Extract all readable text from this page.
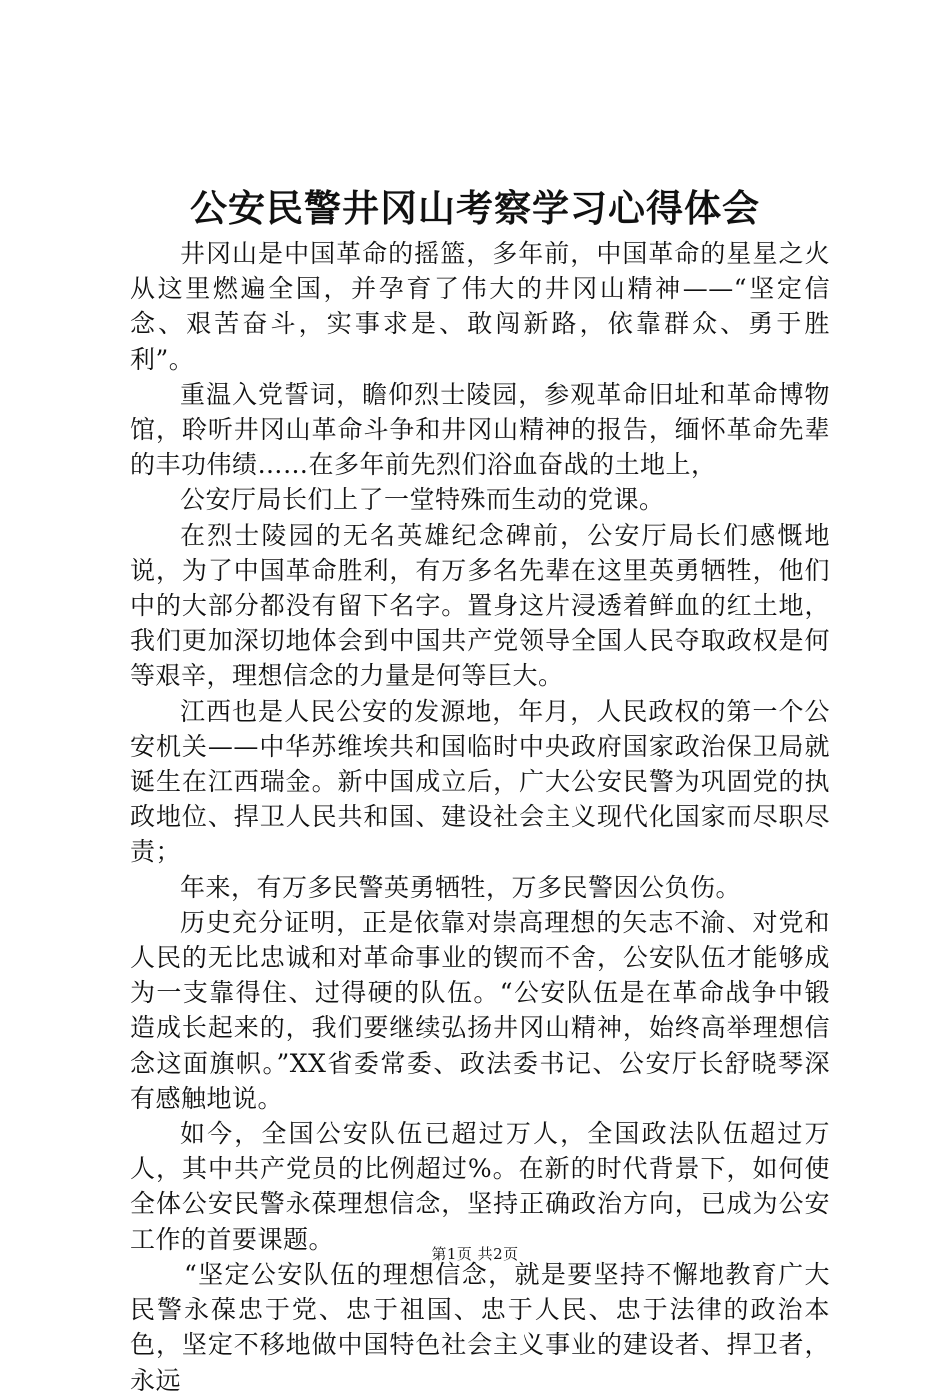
公安民警井冈山考察学习心得体会

井冈山是中国革命的摇篮，多年前，中国革命的星星之火从这里燃遍全国，并孕育了伟大的井冈山精神——“坚定信念、艰苦奋斗，实事求是、敢闯新路，依靠群众、勇于胜利”。

重温入党誓词，瞻仰烈士陵园，参观革命旧址和革命博物馆，聆听井冈山革命斗争和井冈山精神的报告，缅怀革命先辈的丰功伟绩……在多年前先烈们浴血奋战的土地上，

公安厅局长们上了一堂特殊而生动的党课。

在烈士陵园的无名英雄纪念碑前，公安厅局长们感慨地说，为了中国革命胜利，有万多名先辈在这里英勇牺牲，他们中的大部分都没有留下名字。置身这片浸透着鲜血的红土地，我们更加深切地体会到中国共产党领导全国人民夺取政权是何等艰辛，理想信念的力量是何等巨大。

江西也是人民公安的发源地，年月，人民政权的第一个公安机关——中华苏维埃共和国临时中央政府国家政治保卫局就诞生在江西瑞金。新中国成立后，广大公安民警为巩固党的执政地位、捍卫人民共和国、建设社会主义现代化国家而尽职尽责；

年来，有万多民警英勇牺牲，万多民警因公负伤。

历史充分证明，正是依靠对崇高理想的矢志不渝、对党和人民的无比忠诚和对革命事业的锲而不舍，公安队伍才能够成为一支靠得住、过得硬的队伍。“公安队伍是在革命战争中锻造成长起来的，我们要继续弘扬井冈山精神，始终高举理想信念这面旗帜。”XX省委常委、政法委书记、公安厅长舒晓琴深有感触地说。

如今，全国公安队伍已超过万人，全国政法队伍超过万人，其中共产党员的比例超过%。在新的时代背景下，如何使全体公安民警永葆理想信念，坚持正确政治方向，已成为公安工作的首要课题。

“坚定公安队伍的理想信念，就是要坚持不懈地教育广大民警永葆忠于党、忠于祖国、忠于人民、忠于法律的政治本色，坚定不移地做中国特色社会主义事业的建设者、捍卫者，永远

第1页 共2页
